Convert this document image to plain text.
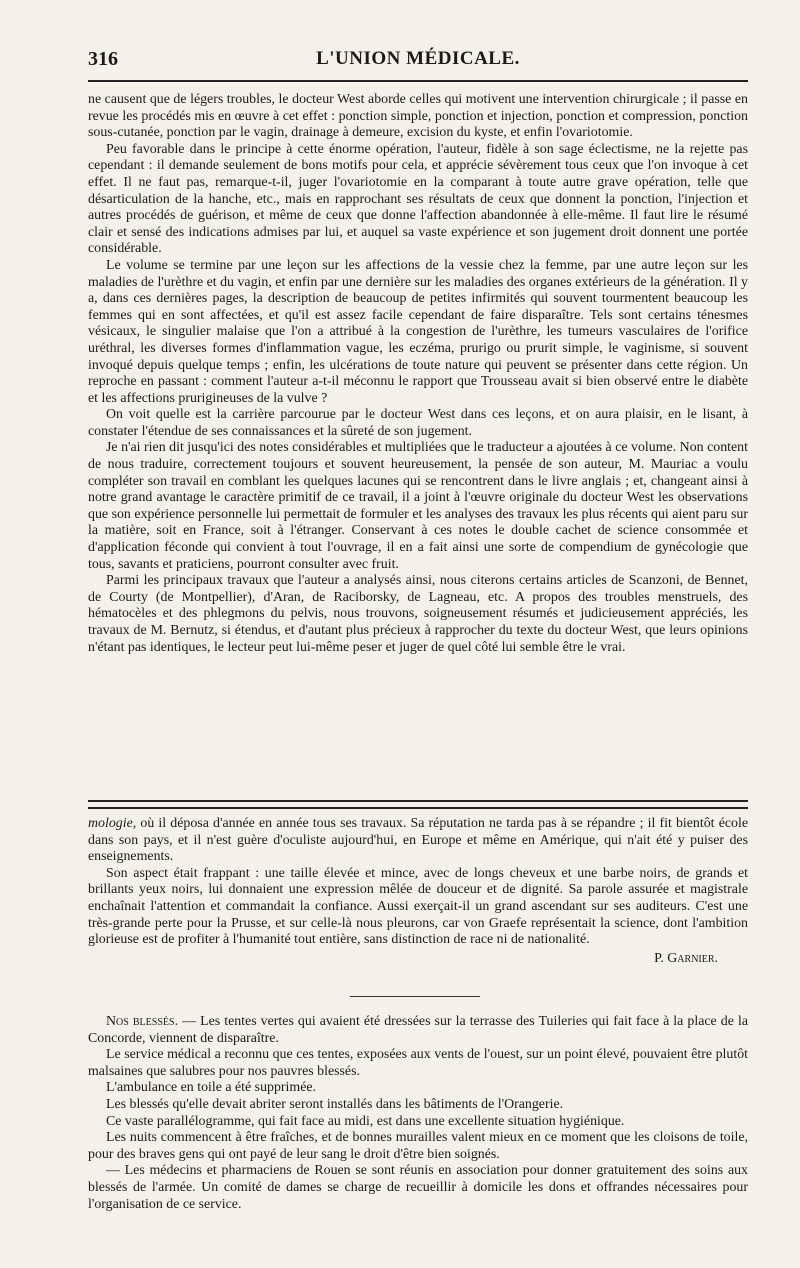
316	L'UNION MÉDICALE.

ne causent que de légers troubles, le docteur West aborde celles qui motivent une intervention chirurgicale ; il passe en revue les procédés mis en œuvre à cet effet : ponction simple, ponction et injection, ponction et compression, ponction sous-cutanée, ponction par le vagin, drainage à demeure, excision du kyste, et enfin l'ovariotomie.

Peu favorable dans le principe à cette énorme opération, l'auteur, fidèle à son sage éclectisme, ne la rejette pas cependant : il demande seulement de bons motifs pour cela, et apprécie sévèrement tous ceux que l'on invoque à cet effet. Il ne faut pas, remarque-t-il, juger l'ovariotomie en la comparant à toute autre grave opération, telle que désarticulation de la hanche, etc., mais en rapprochant ses résultats de ceux que donnent la ponction, l'injection et autres procédés de guérison, et même de ceux que donne l'affection abandonnée à elle-même. Il faut lire le résumé clair et sensé des indications admises par lui, et auquel sa vaste expérience et son jugement droit donnent une portée considérable.

Le volume se termine par une leçon sur les affections de la vessie chez la femme, par une autre leçon sur les maladies de l'urèthre et du vagin, et enfin par une dernière sur les maladies des organes extérieurs de la génération. Il y a, dans ces dernières pages, la description de beaucoup de petites infirmités qui souvent tourmentent beaucoup les femmes qui en sont affectées, et qu'il est assez facile cependant de faire disparaître. Tels sont certains ténesmes vésicaux, le singulier malaise que l'on a attribué à la congestion de l'urèthre, les tumeurs vasculaires de l'orifice uréthral, les diverses formes d'inflammation vague, les eczéma, prurigo ou prurit simple, le vaginisme, si souvent invoqué depuis quelque temps ; enfin, les ulcérations de toute nature qui peuvent se présenter dans cette région. Un reproche en passant : comment l'auteur a-t-il méconnu le rapport que Trousseau avait si bien observé entre le diabète et les affections prurigineuses de la vulve ?

On voit quelle est la carrière parcourue par le docteur West dans ces leçons, et on aura plaisir, en le lisant, à constater l'étendue de ses connaissances et la sûreté de son jugement.

Je n'ai rien dit jusqu'ici des notes considérables et multipliées que le traducteur a ajoutées à ce volume. Non content de nous traduire, correctement toujours et souvent heureusement, la pensée de son auteur, M. Mauriac a voulu compléter son travail en comblant les quelques lacunes qui se rencontrent dans le livre anglais ; et, changeant ainsi à notre grand avantage le caractère primitif de ce travail, il a joint à l'œuvre originale du docteur West les observations que son expérience personnelle lui permettait de formuler et les analyses des travaux les plus récents qui aient paru sur la matière, soit en France, soit à l'étranger. Conservant à ces notes le double cachet de science consommée et d'application féconde qui convient à tout l'ouvrage, il en a fait ainsi une sorte de compendium de gynécologie que tous, savants et praticiens, pourront consulter avec fruit.

Parmi les principaux travaux que l'auteur a analysés ainsi, nous citerons certains articles de Scanzoni, de Bennet, de Courty (de Montpellier), d'Aran, de Raciborsky, de Lagneau, etc. A propos des troubles menstruels, des hématocèles et des phlegmons du pelvis, nous trouvons, soigneusement résumés et judicieusement appréciés, les travaux de M. Bernutz, si étendus, et d'autant plus précieux à rapprocher du texte du docteur West, que leurs opinions n'étant pas identiques, le lecteur peut lui-même peser et juger de quel côté lui semble être le vrai.

mologie, où il déposa d'année en année tous ses travaux. Sa réputation ne tarda pas à se répandre ; il fit bientôt école dans son pays, et il n'est guère d'oculiste aujourd'hui, en Europe et même en Amérique, qui n'ait été y puiser des enseignements.

Son aspect était frappant : une taille élevée et mince, avec de longs cheveux et une barbe noirs, de grands et brillants yeux noirs, lui donnaient une expression mêlée de douceur et de dignité. Sa parole assurée et magistrale enchaînait l'attention et commandait la confiance. Aussi exerçait-il un grand ascendant sur ses auditeurs. C'est une très-grande perte pour la Prusse, et sur celle-là nous pleurons, car von Graefe représentait la science, dont l'ambition glorieuse est de profiter à l'humanité tout entière, sans distinction de race ni de nationalité.

P. Garnier.

Nos blessés. — Les tentes vertes qui avaient été dressées sur la terrasse des Tuileries qui fait face à la place de la Concorde, viennent de disparaître.

Le service médical a reconnu que ces tentes, exposées aux vents de l'ouest, sur un point élevé, pouvaient être plutôt malsaines que salubres pour nos pauvres blessés.

L'ambulance en toile a été supprimée.

Les blessés qu'elle devait abriter seront installés dans les bâtiments de l'Orangerie.

Ce vaste parallélogramme, qui fait face au midi, est dans une excellente situation hygiénique.

Les nuits commencent à être fraîches, et de bonnes murailles valent mieux en ce moment que les cloisons de toile, pour des braves gens qui ont payé de leur sang le droit d'être bien soignés.

— Les médecins et pharmaciens de Rouen se sont réunis en association pour donner gratuitement des soins aux blessés de l'armée. Un comité de dames se charge de recueillir à domicile les dons et offrandes nécessaires pour l'organisation de ce service.
